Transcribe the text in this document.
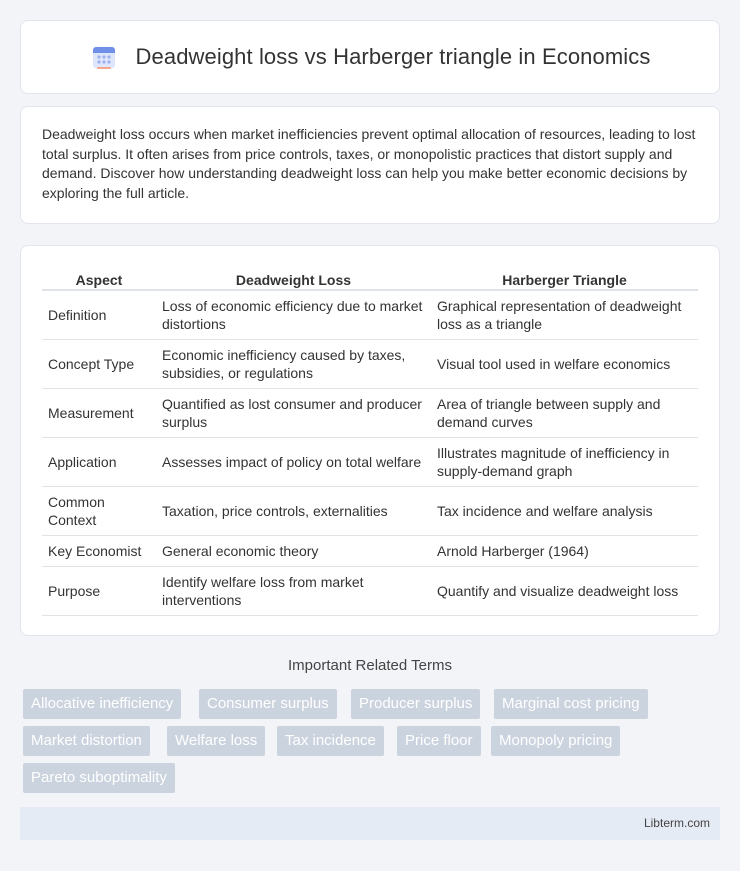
Deadweight loss vs Harberger triangle in Economics

Deadweight loss occurs when market inefficiencies prevent optimal allocation of resources, leading to lost total surplus. It often arises from price controls, taxes, or monopolistic practices that distort supply and demand. Discover how understanding deadweight loss can help you make better economic decisions by exploring the full article.

Aspect	Deadweight Loss	Harberger Triangle
Definition	Loss of economic efficiency due to market distortions	Graphical representation of deadweight loss as a triangle
Concept Type	Economic inefficiency caused by taxes, subsidies, or regulations	Visual tool used in welfare economics
Measurement	Quantified as lost consumer and producer surplus	Area of triangle between supply and demand curves
Application	Assesses impact of policy on total welfare	Illustrates magnitude of inefficiency in supply-demand graph
Common Context	Taxation, price controls, externalities	Tax incidence and welfare analysis
Key Economist	General economic theory	Arnold Harberger (1964)
Purpose	Identify welfare loss from market interventions	Quantify and visualize deadweight loss
Important Related Terms
Allocative inefficiency	Consumer surplus	Producer surplus	Marginal cost pricing
Market distortion	Welfare loss	Tax incidence	Price floor	Monopoly pricing
Pareto suboptimality
Libterm.com
